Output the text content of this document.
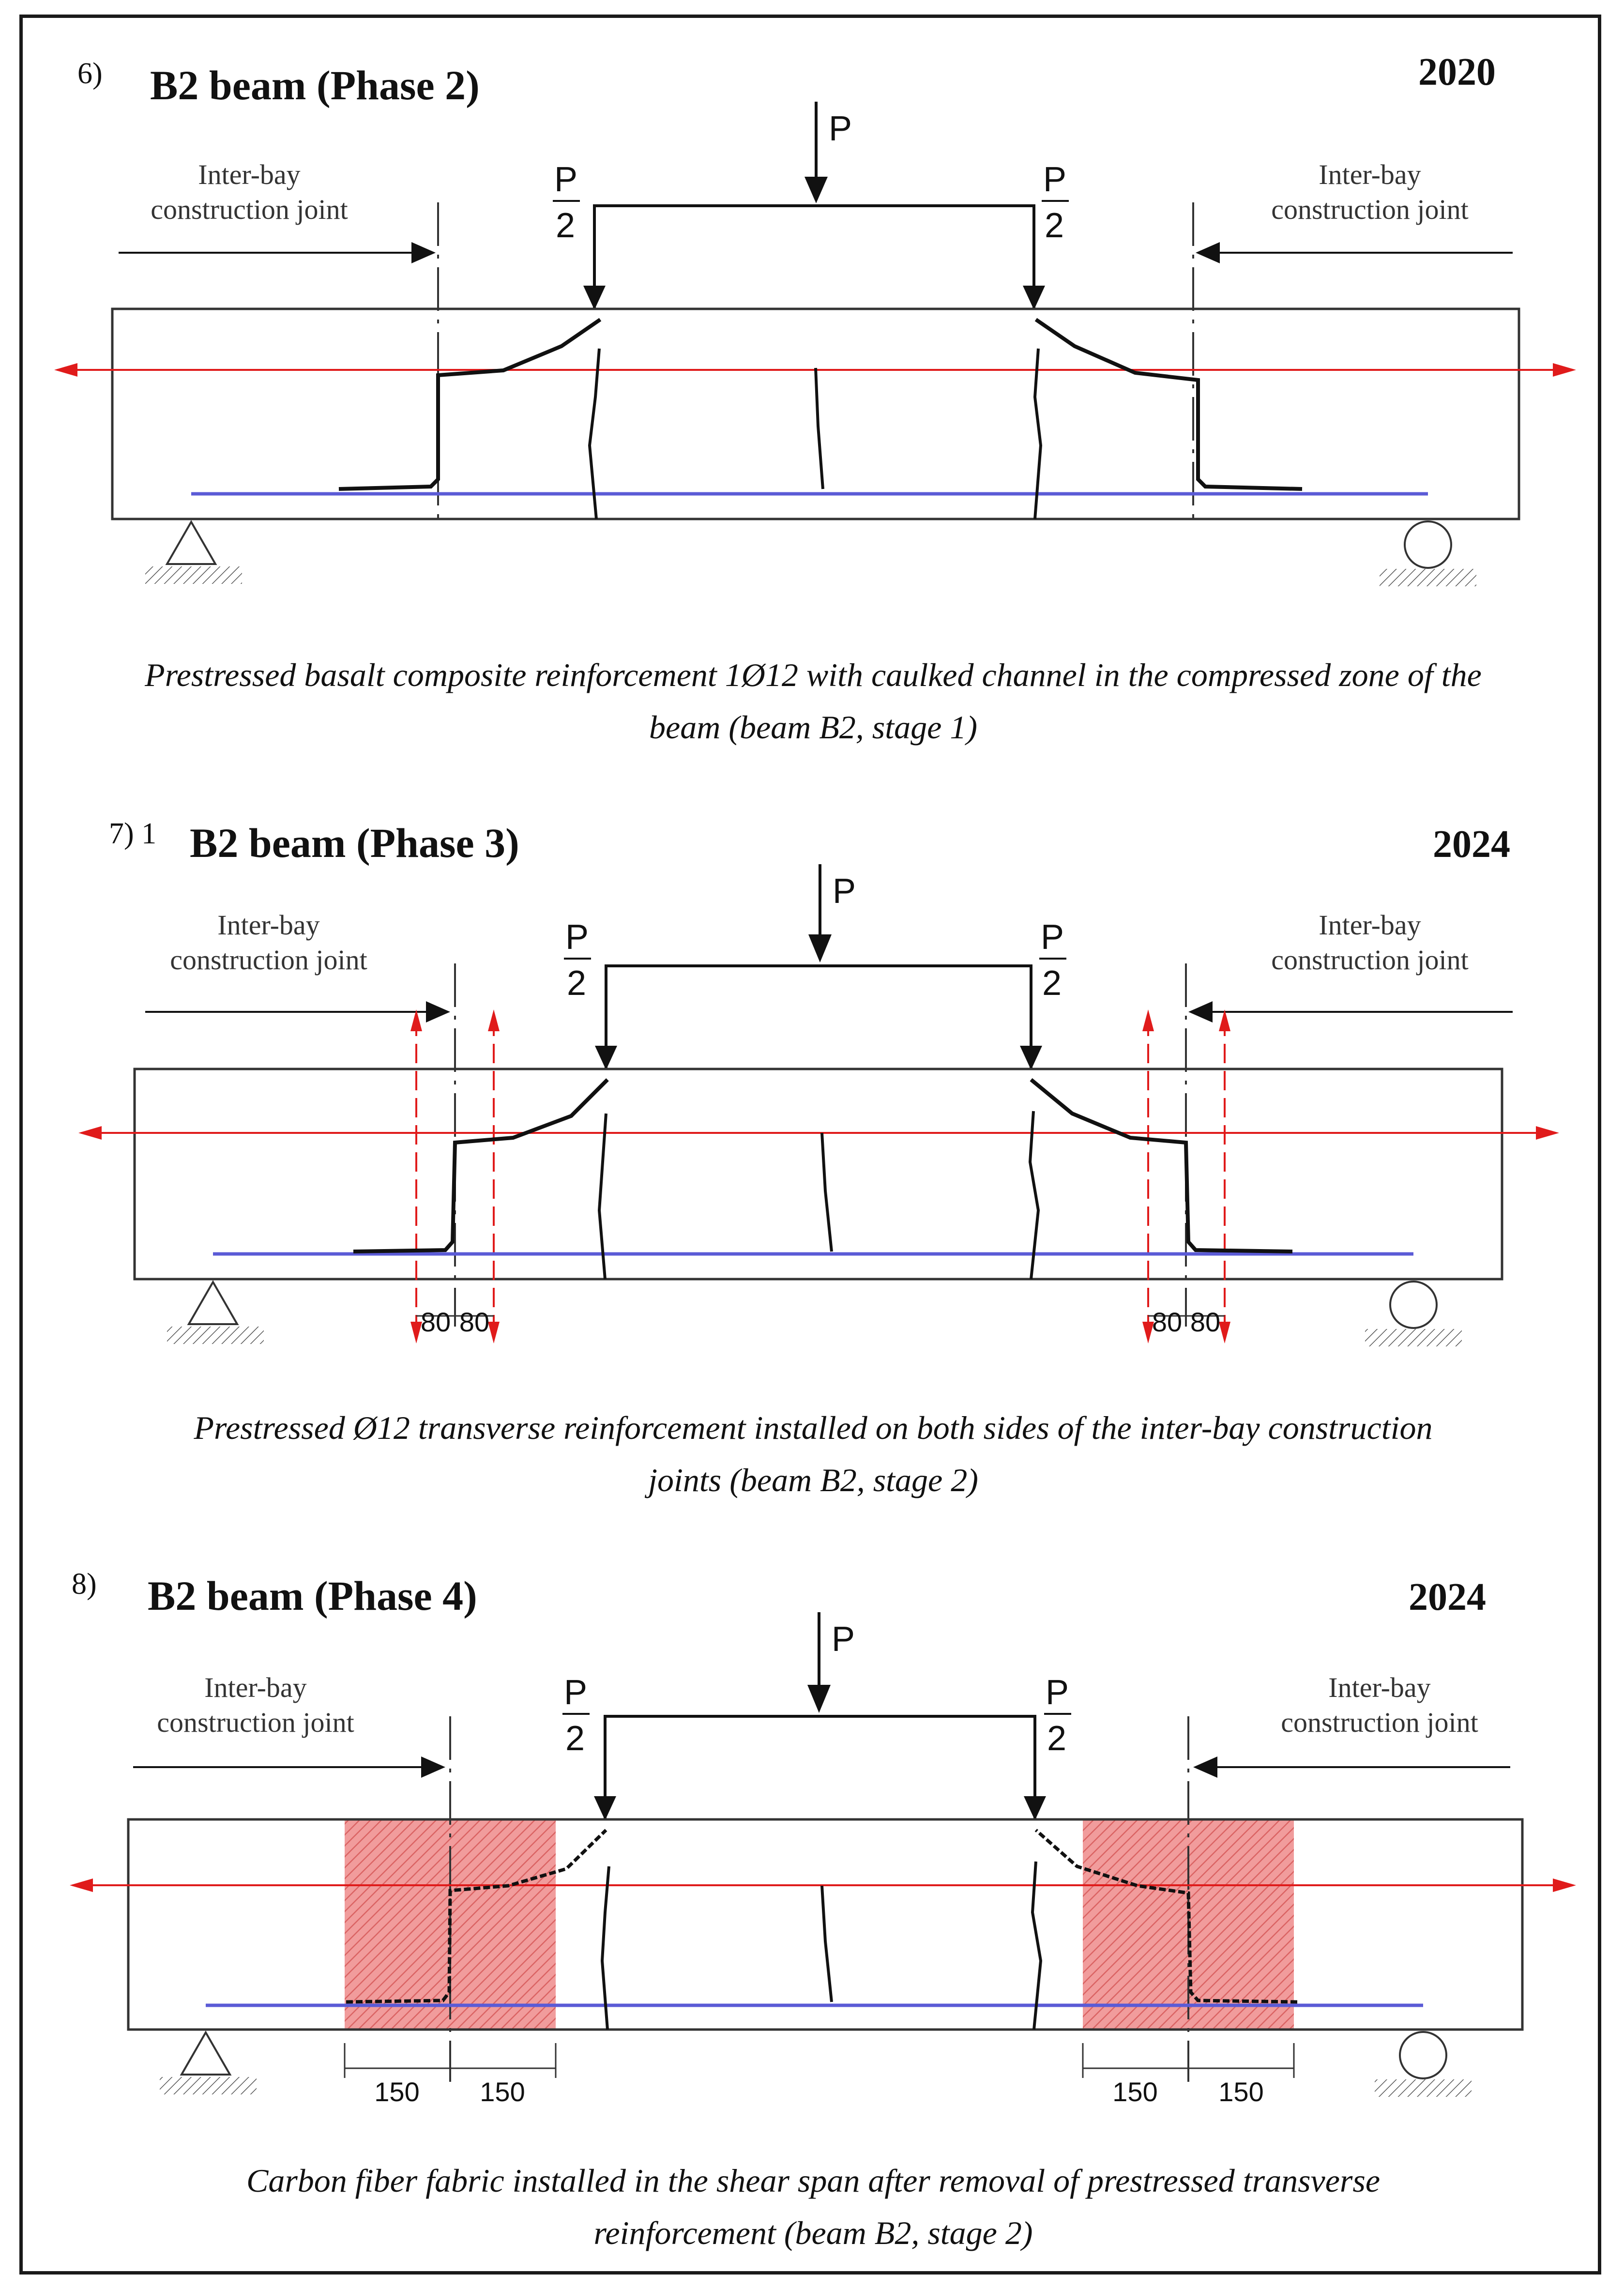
6) B2 beam (Phase 2)	2020
P
P
2
P
2
Inter-bay
construction joint
Inter-bay
construction joint
Prestressed basalt composite reinforcement 1Ø12 with caulked channel in the compressed zone of the
beam (beam B2, stage 1)
7) 1 B2 beam (Phase 3)	2024
P
P
2
P
2
Inter-bay
construction joint
Inter-bay
construction joint
80 80	80 80
Prestressed Ø12 transverse reinforcement installed on both sides of the inter-bay construction
joints (beam B2, stage 2)
8) B2 beam (Phase 4)	2024
P
P
2
P
2
Inter-bay
construction joint
Inter-bay
construction joint
150 150	150 150
Carbon fiber fabric installed in the shear span after removal of prestressed transverse
reinforcement (beam B2, stage 2)
